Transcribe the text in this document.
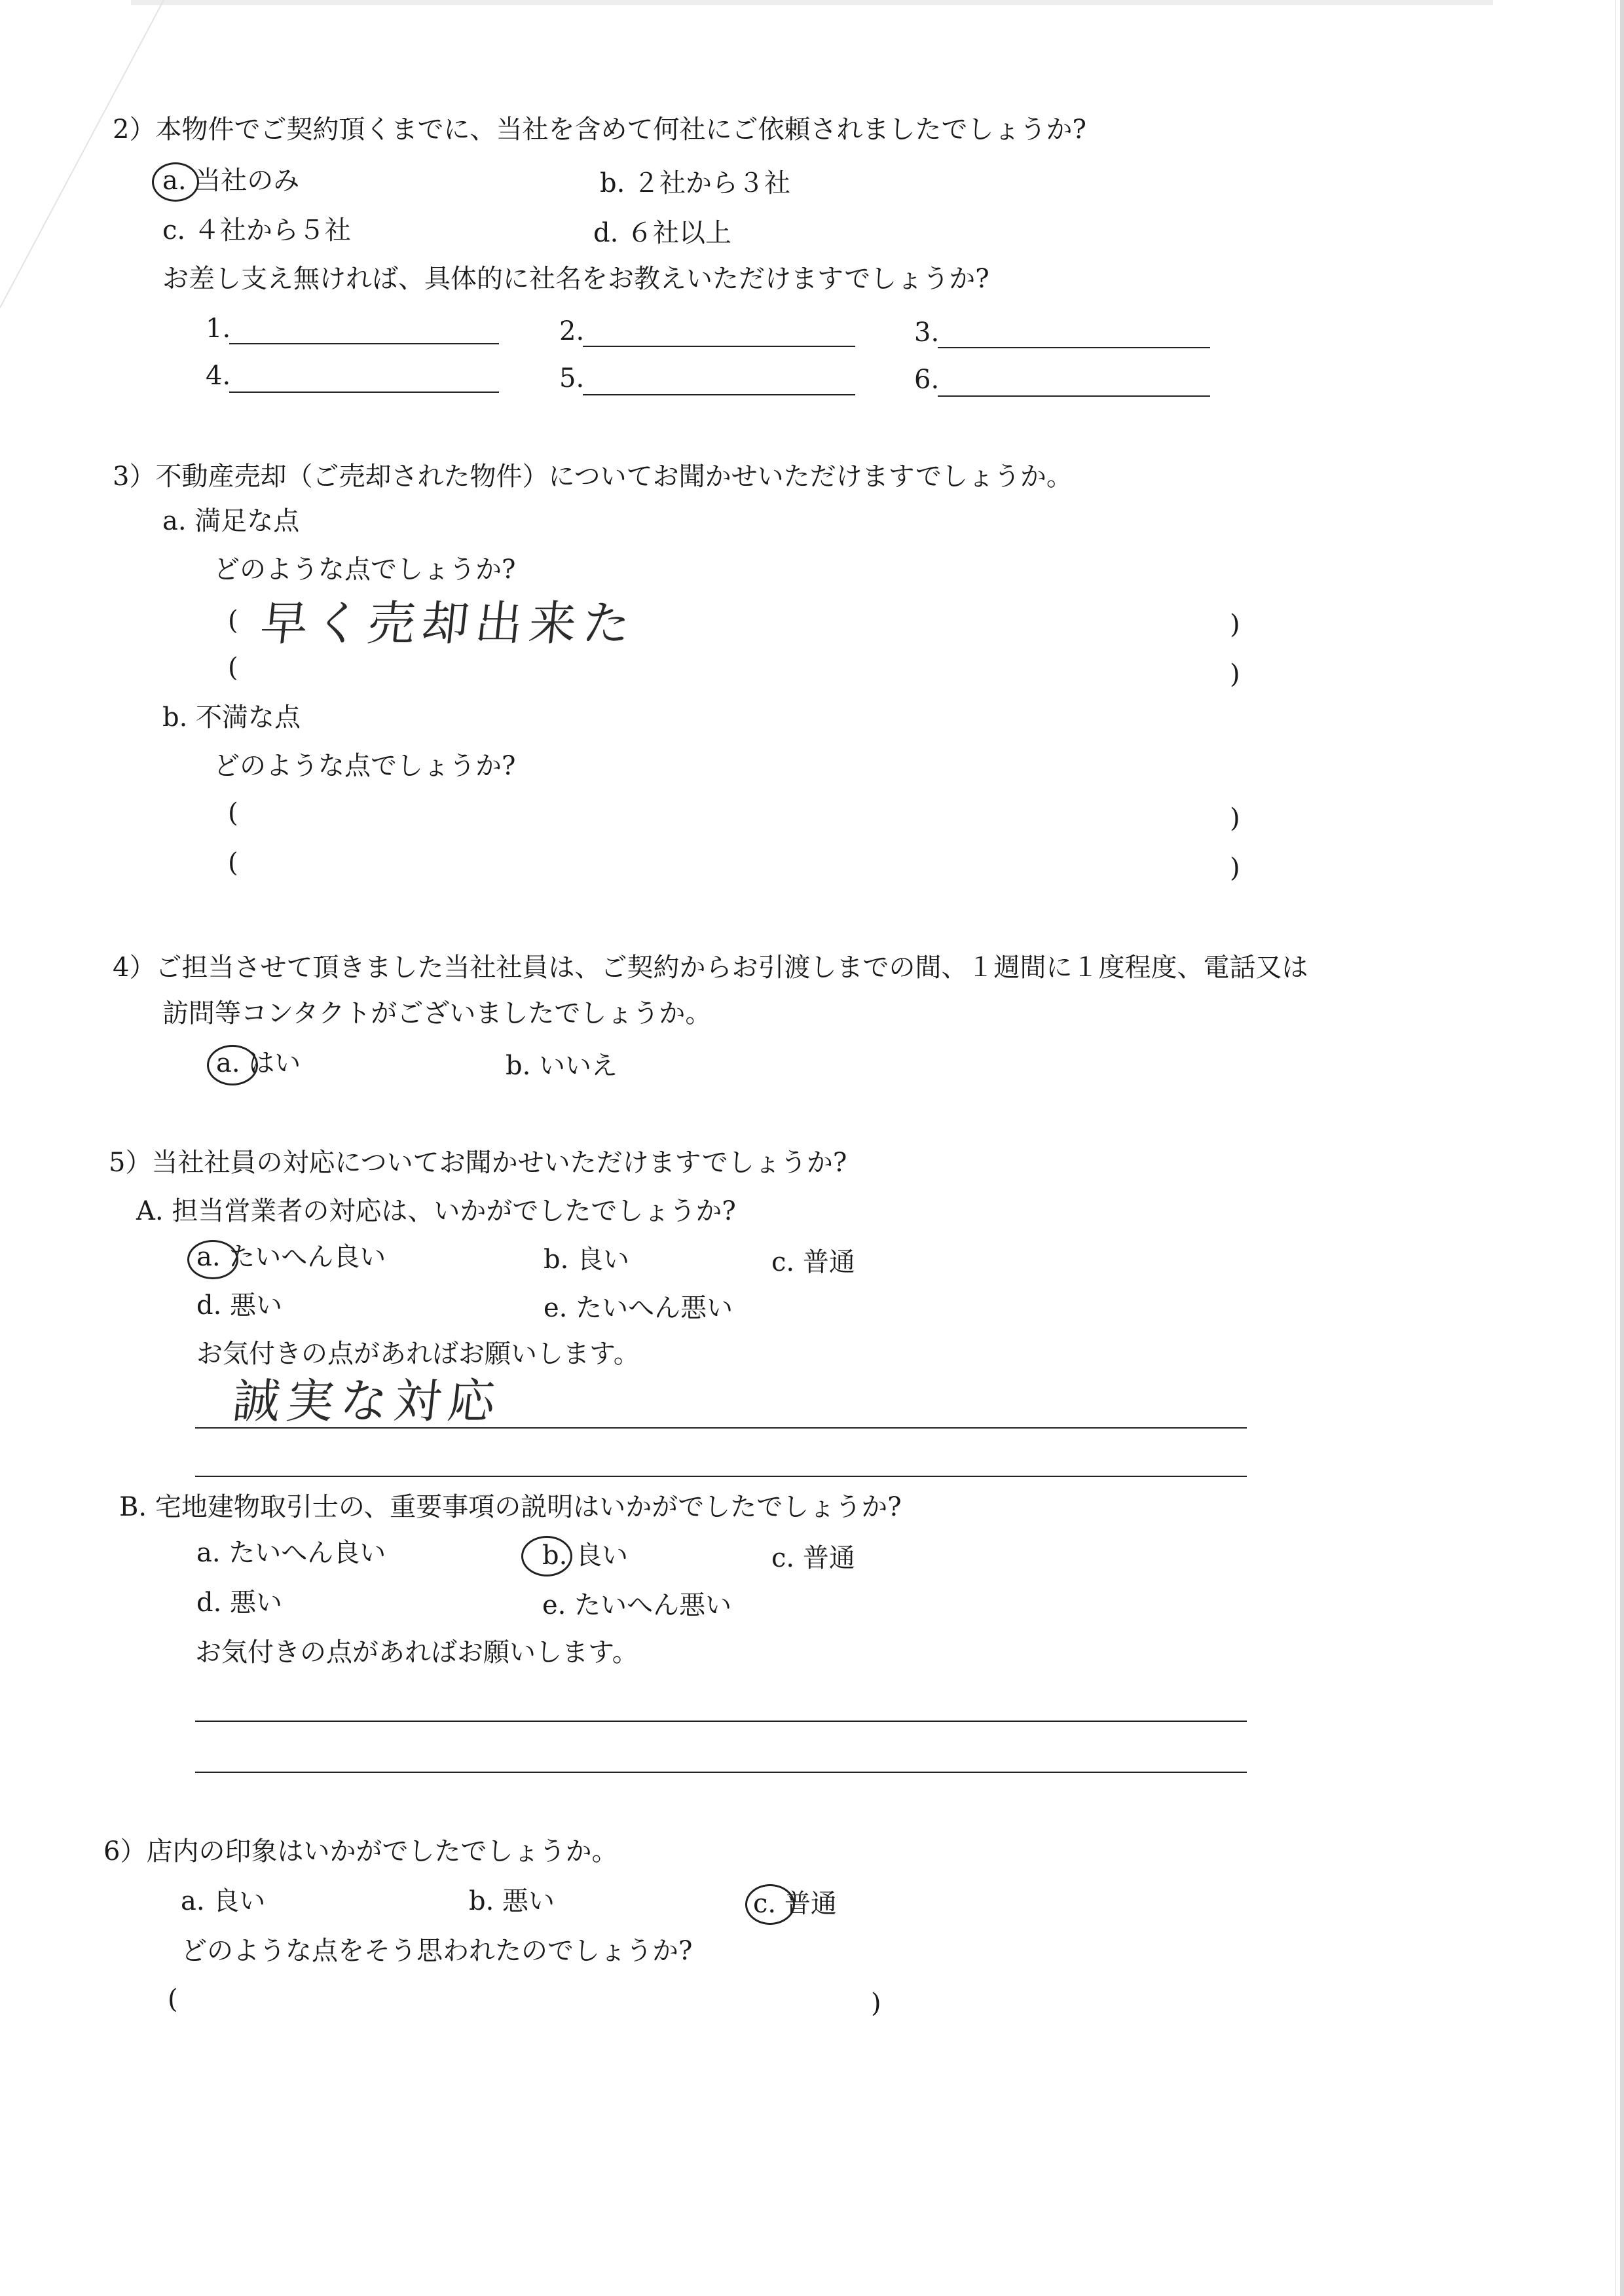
2）本物件でご契約頂くまでに、当社を含めて何社にご依頼されましたでしょうか?
a. 当社のみ	b. ２社から３社
c. ４社から５社	d. ６社以上
お差し支え無ければ、具体的に社名をお教えいただけますでしょうか?
1.	2.	3.
4.	5.	6.
3）不動産売却（ご売却された物件）についてお聞かせいただけますでしょうか。
a. 満足な点
どのような点でしょうか?
( 早く売却出来た	)
(	)
b. 不満な点
どのような点でしょうか?
(	)
(	)
4）ご担当させて頂きました当社社員は、ご契約からお引渡しまでの間、１週間に１度程度、電話又は
訪問等コンタクトがございましたでしょうか。
a. はい	b. いいえ
5）当社社員の対応についてお聞かせいただけますでしょうか?
A. 担当営業者の対応は、いかがでしたでしょうか?
a. たいへん良い	b. 良い	c. 普通
d. 悪い	e. たいへん悪い
お気付きの点があればお願いします。
誠実な対応
B. 宅地建物取引士の、重要事項の説明はいかがでしたでしょうか?
a. たいへん良い	b. 良い	c. 普通
d. 悪い	e. たいへん悪い
お気付きの点があればお願いします。
6）店内の印象はいかがでしたでしょうか。
a. 良い	b. 悪い	c. 普通
どのような点をそう思われたのでしょうか?
(	)
